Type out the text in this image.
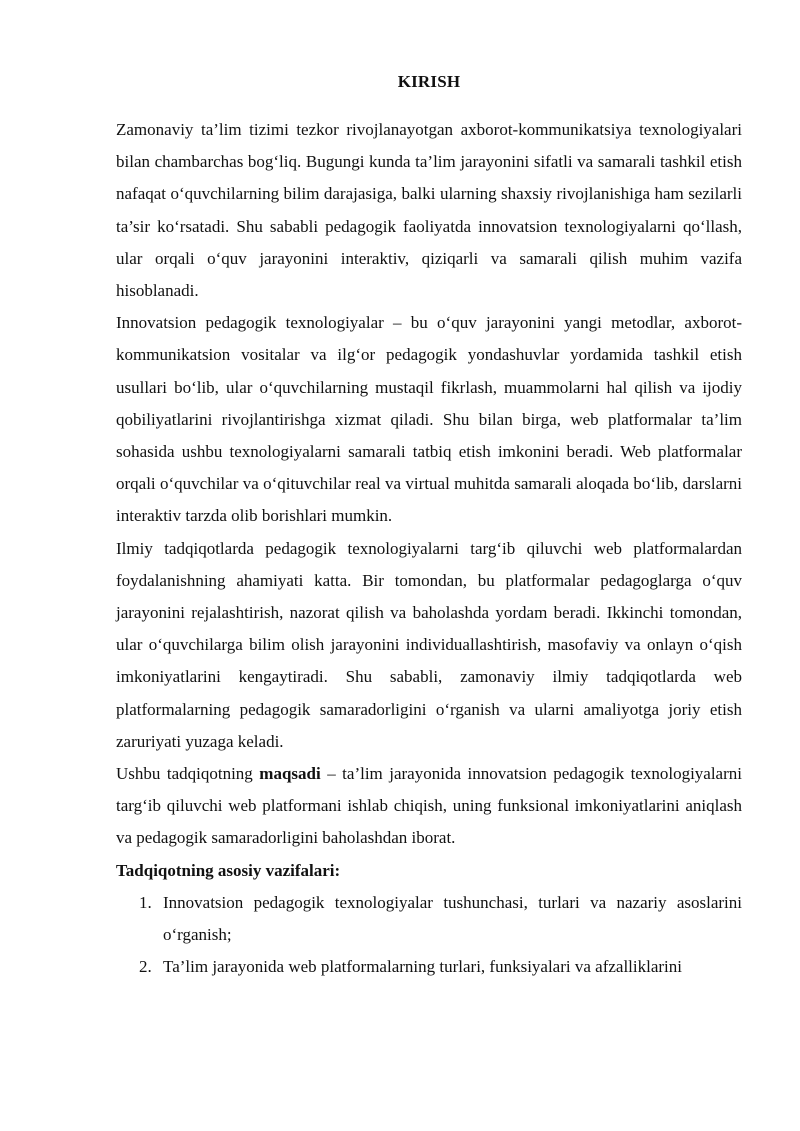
KIRISH

Zamonaviy ta’lim tizimi tezkor rivojlanayotgan axborot-kommunikatsiya texnologiyalari bilan chambarchas bog‘liq. Bugungi kunda ta’lim jarayonini sifatli va samarali tashkil etish nafaqat o‘quvchilarning bilim darajasiga, balki ularning shaxsiy rivojlanishiga ham sezilarli ta’sir ko‘rsatadi. Shu sababli pedagogik faoliyatda innovatsion texnologiyalarni qo‘llash, ular orqali o‘quv jarayonini interaktiv, qiziqarli va samarali qilish muhim vazifa hisoblanadi.

Innovatsion pedagogik texnologiyalar – bu o‘quv jarayonini yangi metodlar, axborot-kommunikatsion vositalar va ilg‘or pedagogik yondashuvlar yordamida tashkil etish usullari bo‘lib, ular o‘quvchilarning mustaqil fikrlash, muammolarni hal qilish va ijodiy qobiliyatlarini rivojlantirishga xizmat qiladi. Shu bilan birga, web platformalar ta’lim sohasida ushbu texnologiyalarni samarali tatbiq etish imkonini beradi. Web platformalar orqali o‘quvchilar va o‘qituvchilar real va virtual muhitda samarali aloqada bo‘lib, darslarni interaktiv tarzda olib borishlari mumkin.

Ilmiy tadqiqotlarda pedagogik texnologiyalarni targ‘ib qiluvchi web platformalardan foydalanishning ahamiyati katta. Bir tomondan, bu platformalar pedagoglarga o‘quv jarayonini rejalashtirish, nazorat qilish va baholashda yordam beradi. Ikkinchi tomondan, ular o‘quvchilarga bilim olish jarayonini individuallashtirish, masofaviy va onlayn o‘qish imkoniyatlarini kengaytiradi. Shu sababli, zamonaviy ilmiy tadqiqotlarda web platformalarning pedagogik samaradorligini o‘rganish va ularni amaliyotga joriy etish zaruriyati yuzaga keladi.

Ushbu tadqiqotning maqsadi – ta’lim jarayonida innovatsion pedagogik texnologiyalarni targ‘ib qiluvchi web platformani ishlab chiqish, uning funksional imkoniyatlarini aniqlash va pedagogik samaradorligini baholashdan iborat.

Tadqiqotning asosiy vazifalari:

1. Innovatsion pedagogik texnologiyalar tushunchasi, turlari va nazariy asoslarini o‘rganish;
2. Ta’lim jarayonida web platformalarning turlari, funksiyalari va afzalliklarini
